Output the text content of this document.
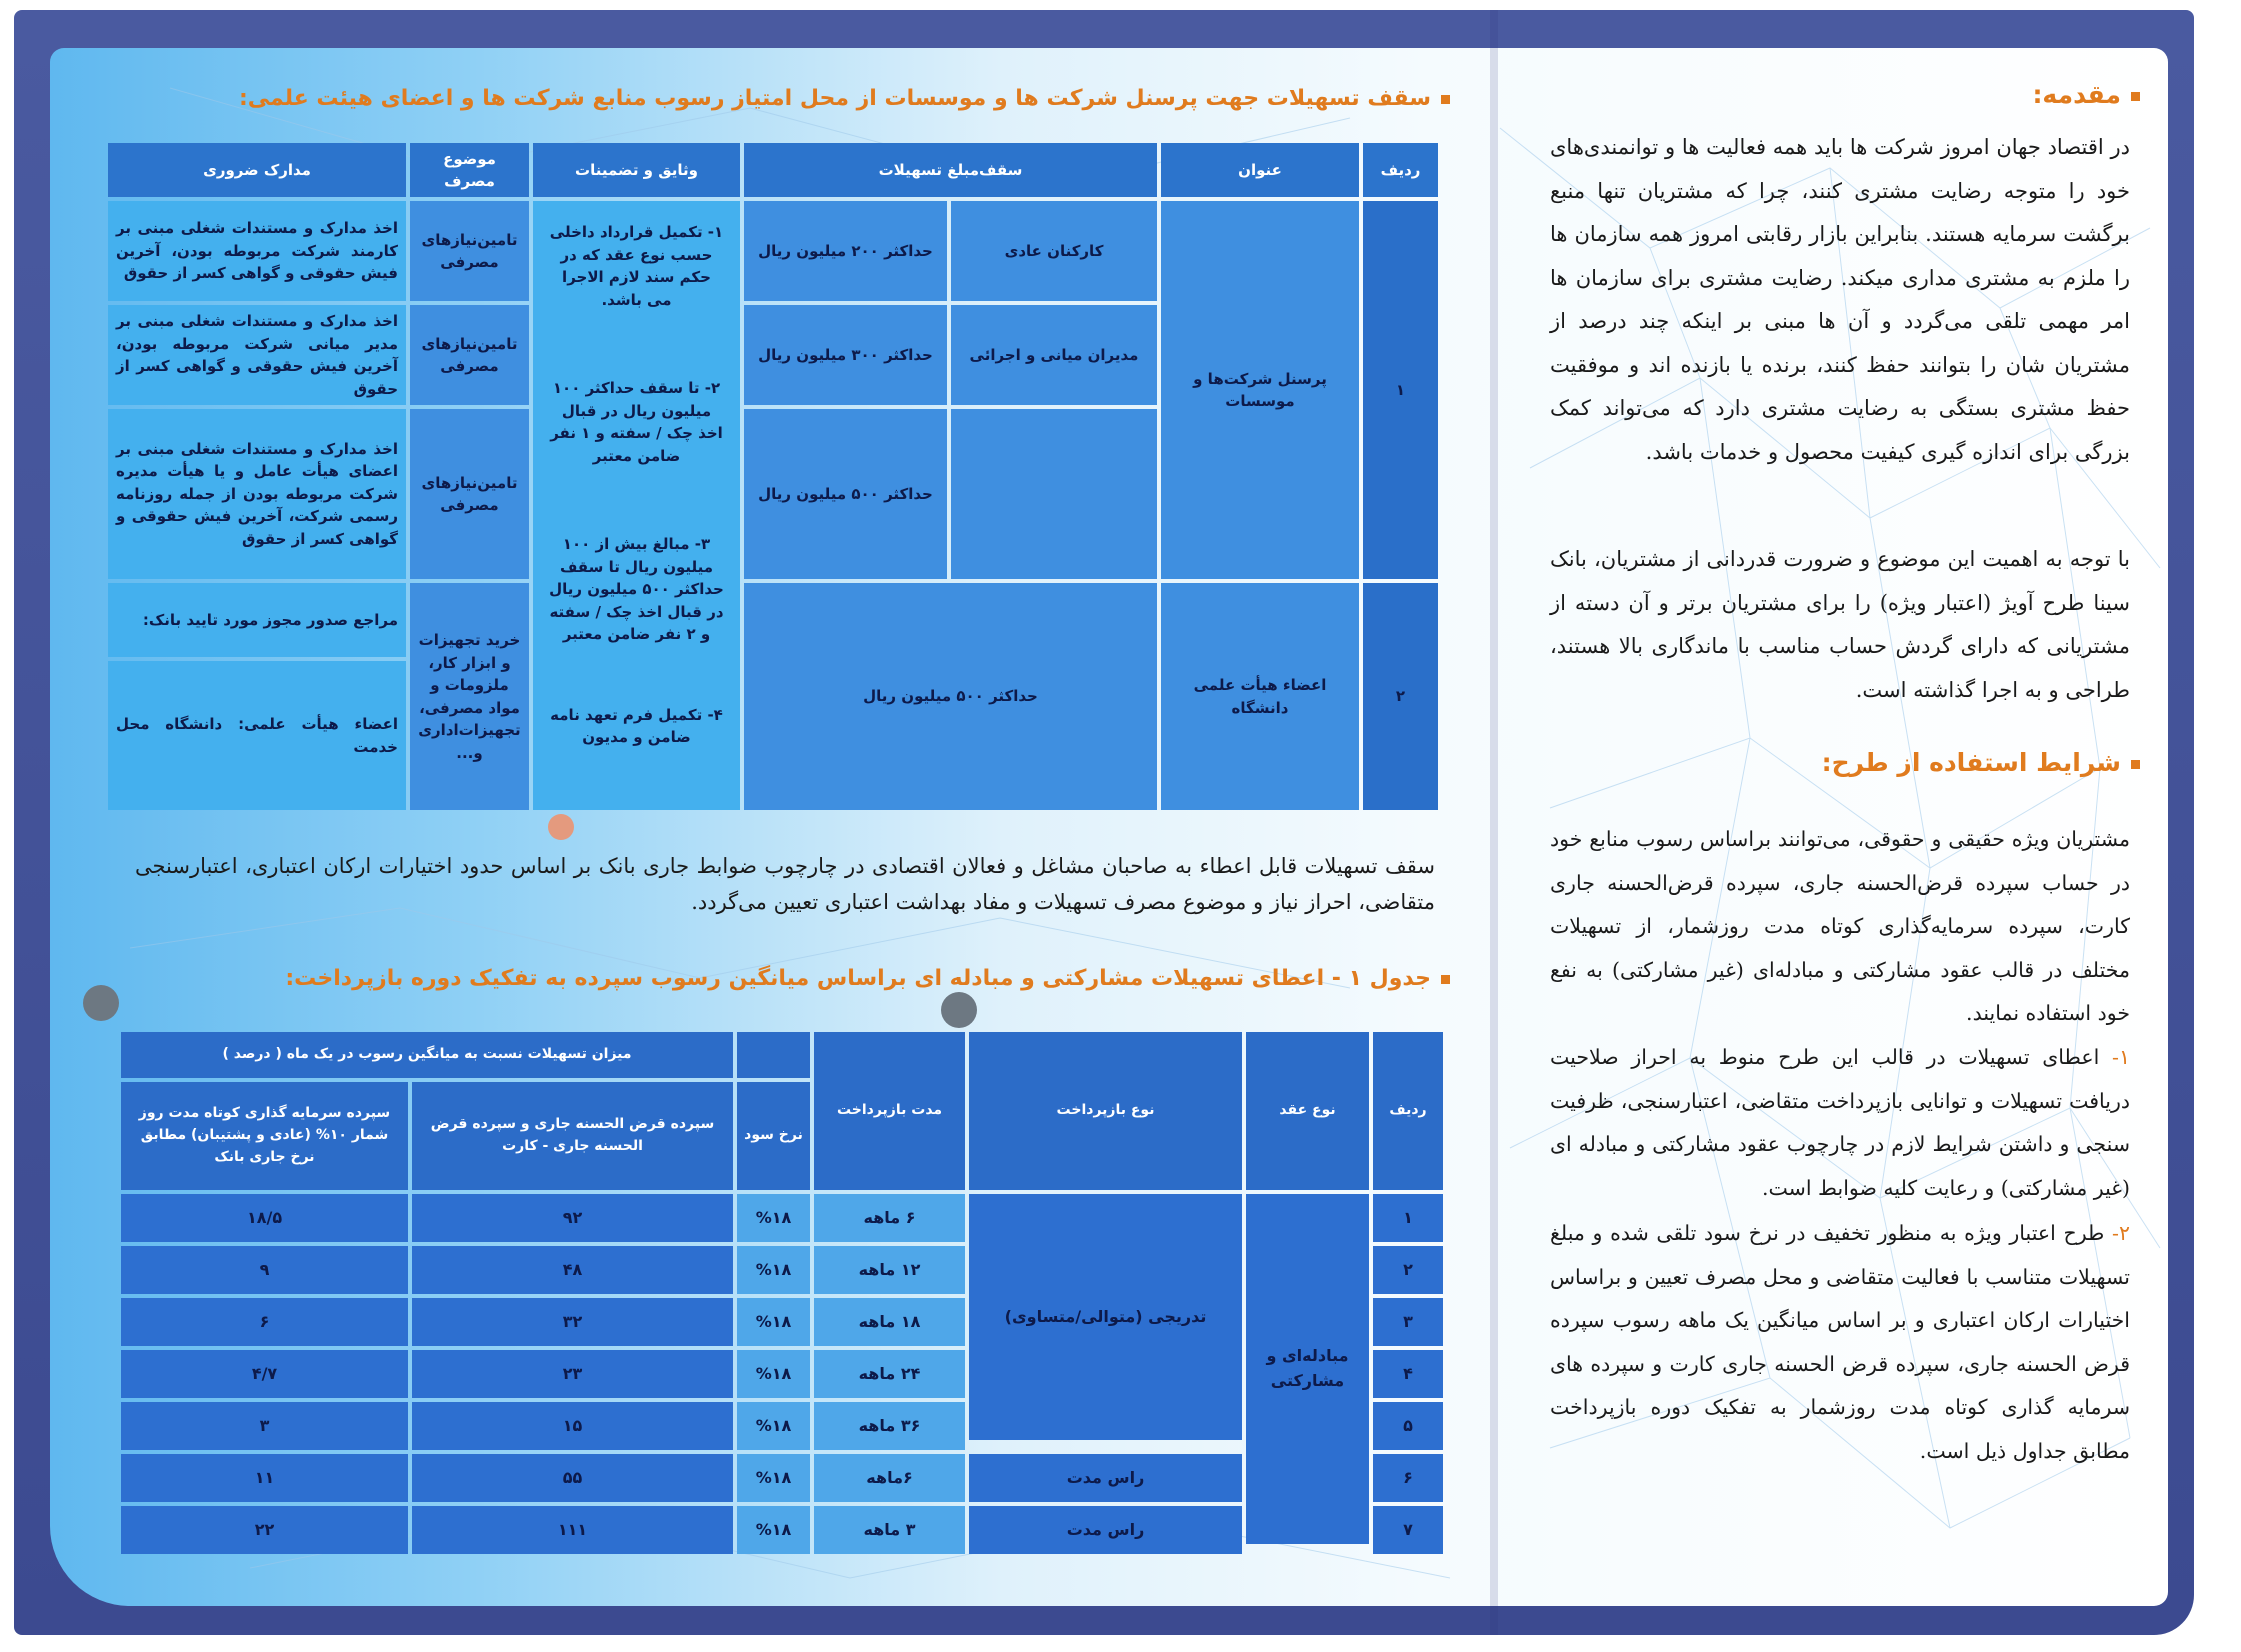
مقدمه:
در اقتصاد جهان امروز شرکت ها باید همه فعالیت ها و توانمندی‌های خود را متوجه رضایت مشتری کنند، چرا که مشتریان تنها منبع برگشت سرمایه هستند. بنابراین بازار رقابتی امروز همه سازمان ها را ملزم به مشتری مداری میکند. رضایت مشتری برای سازمان ها امر مهمی تلقی می‌گردد و آن ها مبنی بر اینکه چند درصد از مشتریان شان را بتوانند حفظ کنند، برنده یا بازنده اند و موفقیت حفظ مشتری بستگی به رضایت مشتری دارد که می‌تواند کمک بزرگی برای اندازه گیری کیفیت محصول و خدمات باشد.
با توجه به اهمیت این موضوع و ضرورت قدردانی از مشتریان، بانک سینا طرح آویژ (اعتبار ویژه) را برای مشتریان برتر و آن دسته از مشتریانی که دارای گردش حساب مناسب با ماندگاری بالا هستند، طراحی و به اجرا گذاشته است.
شرایط استفاده از طرح:
مشتریان ویژه حقیقی و حقوقی، می‌توانند براساس رسوب منابع خود در حساب سپرده قرض‌الحسنه جاری، سپرده قرض‌الحسنه جاری کارت، سپرده سرمایه‌گذاری کوتاه مدت روزشمار، از تسهیلات مختلف در قالب عقود مشارکتی و مبادله‌ای (غیر مشارکتی) به نفع خود استفاده نمایند.
۱- اعطای تسهیلات در قالب این طرح منوط به احراز صلاحیت دریافت تسهیلات و توانایی بازپرداخت متقاضی، اعتبارسنجی، ظرفیت سنجی و داشتن شرایط لازم در چارچوب عقود مشارکتی و مبادله ای (غیر مشارکتی) و رعایت کلیه ضوابط است.
۲- طرح اعتبار ویژه به منظور تخفیف در نرخ سود تلقی شده و مبلغ تسهیلات متناسب با فعالیت متقاضی و محل مصرف تعیین و براساس اختیارات ارکان اعتباری و بر اساس میانگین یک ماهه رسوب سپرده قرض الحسنه جاری، سپرده قرض الحسنه جاری کارت و سپرده های سرمایه گذاری کوتاه مدت روزشمار به تفکیک دوره بازپرداخت مطابق جداول ذیل است.
سقف تسهیلات جهت پرسنل شرکت ها و موسسات از محل امتیاز رسوب منابع شرکت ها و اعضای هیئت علمی:
ردیف
عنوان
سقف‌مبلغ تسهیلات
وثایق و تضمینات
موضوع مصرف
مدارک ضروری
۱
۲
پرسنل شرکت‌ها و موسسات
اعضاء هیأت علمی دانشگاه
کارکنان عادی
مدیران میانی و اجرائی
حداکثر ۲۰۰ میلیون ریال
حداکثر ۳۰۰ میلیون ریال
حداکثر ۵۰۰ میلیون ریال
حداکثر ۵۰۰ میلیون ریال
۱- تکمیل قرارداد داخلی حسب نوع عقد که در حکم سند لازم الاجرا می باشد.
۲- تا سقف حداکثر ۱۰۰ میلیون ریال در قبال اخذ چک / سفته و ۱ نفر ضامن معتبر
۳- مبالغ بیش از ۱۰۰ میلیون ریال تا سقف حداکثر ۵۰۰ میلیون ریال در قبال اخذ چک / سفته و ۲ نفر ضامن معتبر
۴- تکمیل فرم تعهد نامه ضامن و مدیون
تامین‌نیازهای مصرفی
تامین‌نیازهای مصرفی
تامین‌نیازهای مصرفی
خرید تجهیزات و ابزار کار، ملزومات و مواد مصرفی، تجهیزات‌اداری و...
اخذ مدارک و مستندات شغلی مبنی بر کارمند شرکت مربوطه بودن، آخرین فیش حقوقی و گواهی کسر از حقوق
اخذ مدارک و مستندات شغلی مبنی بر مدیر میانی شرکت مربوطه بودن، آخرین فیش حقوقی و گواهی کسر از حقوق
اخذ مدارک و مستندات شغلی مبنی بر اعضای هیأت عامل و یا هیأت مدیره شرکت مربوطه بودن از جمله روزنامه رسمی شرکت، آخرین فیش حقوقی و گواهی کسر از حقوق
مراجع صدور مجوز مورد تایید بانک:
اعضاء هیأت علمی: دانشگاه محل خدمت
سقف تسهیلات قابل اعطاء به صاحبان مشاغل و فعالان اقتصادی در چارچوب ضوابط جاری بانک بر اساس حدود اختیارات ارکان اعتباری، اعتبارسنجی متقاضی، احراز نیاز و موضوع مصرف تسهیلات و مفاد بهداشت اعتباری تعیین می‌گردد.
جدول ۱ - اعطای تسهیلات مشارکتی و مبادله ای براساس میانگین رسوب سپرده به تفکیک دوره بازپرداخت:
ردیف
نوع عقد
نوع بازپرداخت
مدت بازپرداخت
نرخ سود
میزان تسهیلات نسبت به میانگین رسوب در یک ماه ( درصد )
سپرده قرض الحسنه جاری و سپرده قرض الحسنه جاری - کارت
سپرده سرمایه گذاری کوتاه مدت روز شمار ۱۰% (عادی و پشتیبان) مطابق نرخ جاری بانک
مبادله‌ای و مشارکتی
تدریجی (متوالی/متساوی)
۱
۶ ماهه
%۱۸
۹۲
۱۸/۵
۲
۱۲ ماهه
%۱۸
۴۸
۹
۳
۱۸ ماهه
%۱۸
۳۲
۶
۴
۲۴ ماهه
%۱۸
۲۳
۴/۷
۵
۳۶ ماهه
%۱۸
۱۵
۳
۶
۶ماهه
%۱۸
۵۵
۱۱	راس مدت
۷
۳ ماهه
%۱۸
۱۱۱
۲۲	راس مدت
